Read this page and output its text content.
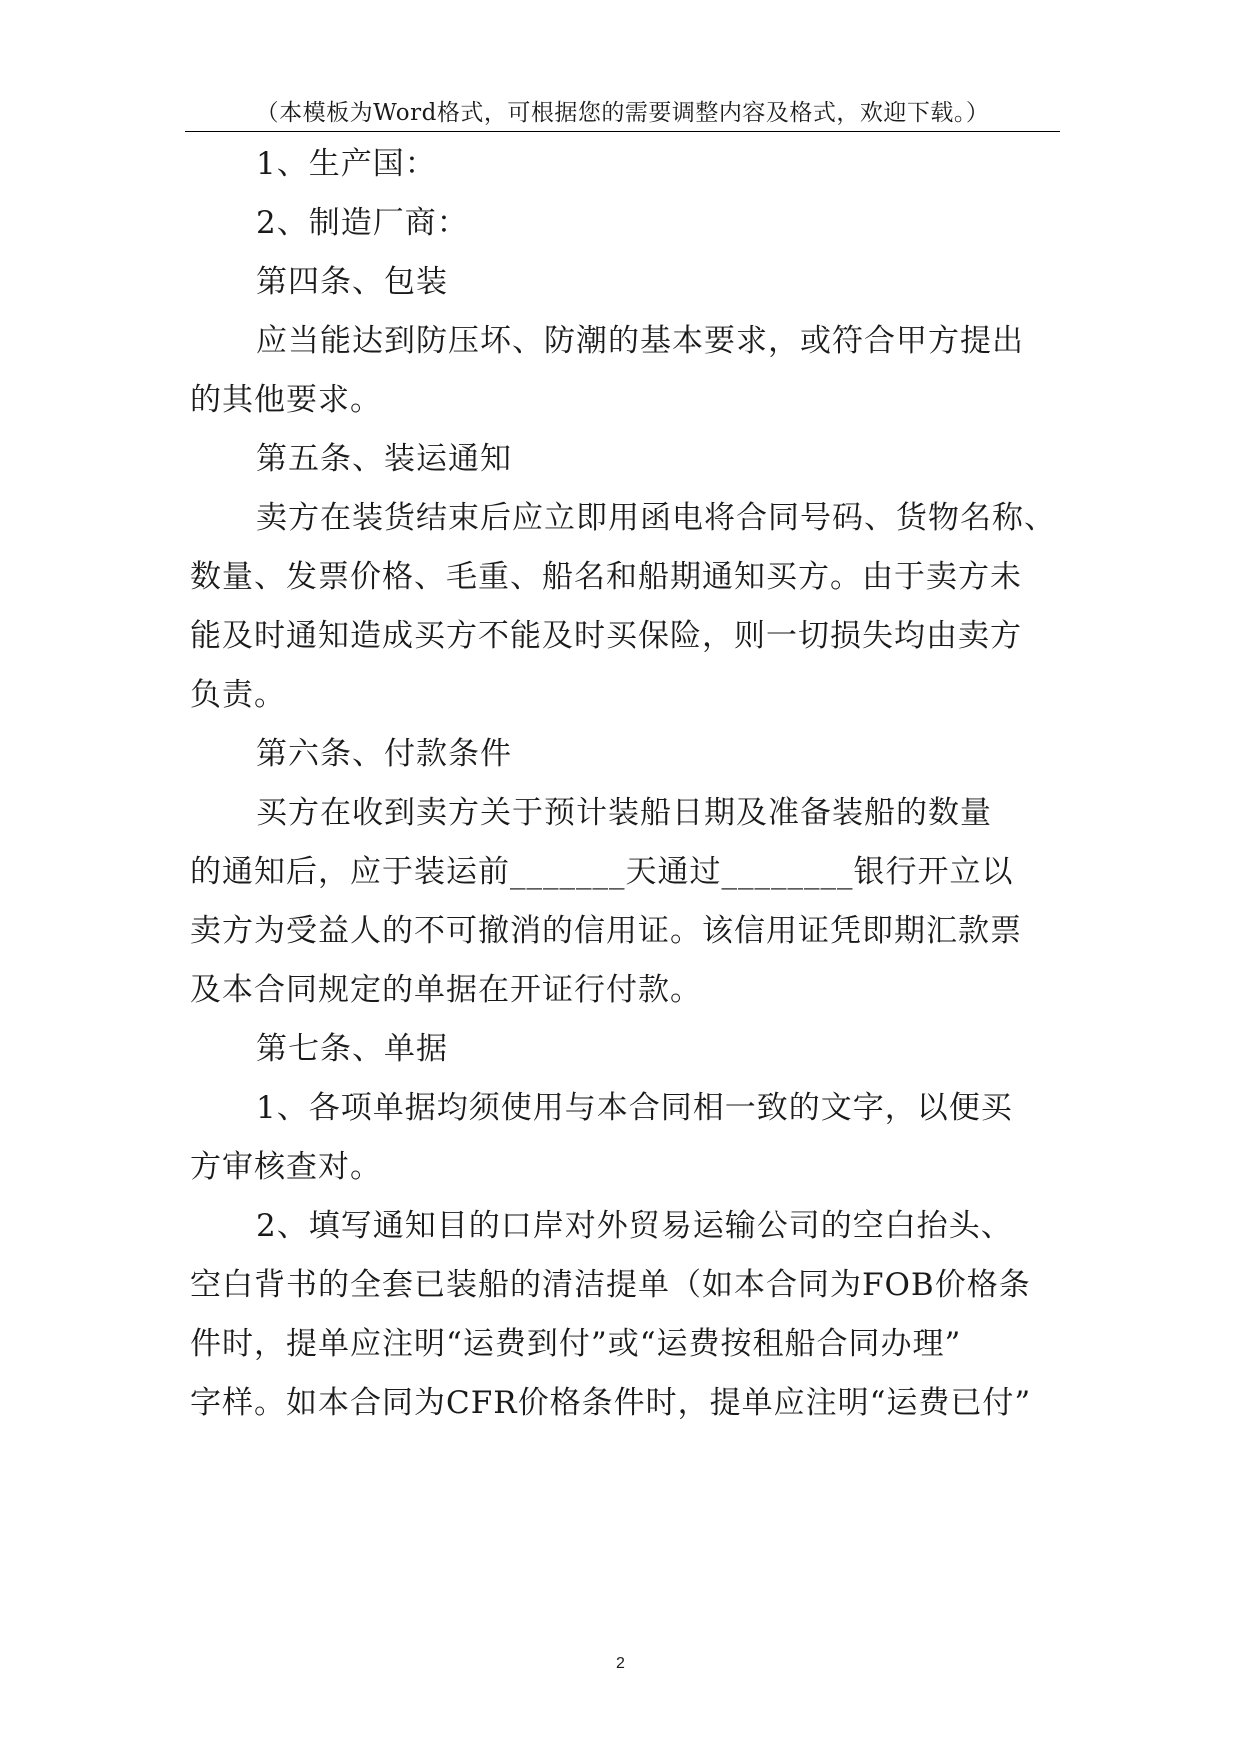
（本模板为Word格式，可根据您的需要调整内容及格式，欢迎下载。）
1、生产国：
2、制造厂商：
第四条、包装
应当能达到防压坏、防潮的基本要求，或符合甲方提出
的其他要求。
第五条、装运通知
卖方在装货结束后应立即用函电将合同号码、货物名称、
数量、发票价格、毛重、船名和船期通知买方。由于卖方未
能及时通知造成买方不能及时买保险，则一切损失均由卖方
负责。
第六条、付款条件
买方在收到卖方关于预计装船日期及准备装船的数量
的通知后，应于装运前_______天通过________银行开立以
卖方为受益人的不可撤消的信用证。该信用证凭即期汇款票
及本合同规定的单据在开证行付款。
第七条、单据
1、各项单据均须使用与本合同相一致的文字，以便买
方审核查对。
2、填写通知目的口岸对外贸易运输公司的空白抬头、
空白背书的全套已装船的清洁提单（如本合同为FOB价格条
件时，提单应注明“运费到付”或“运费按租船合同办理”
字样。如本合同为CFR价格条件时，提单应注明“运费已付”
2
